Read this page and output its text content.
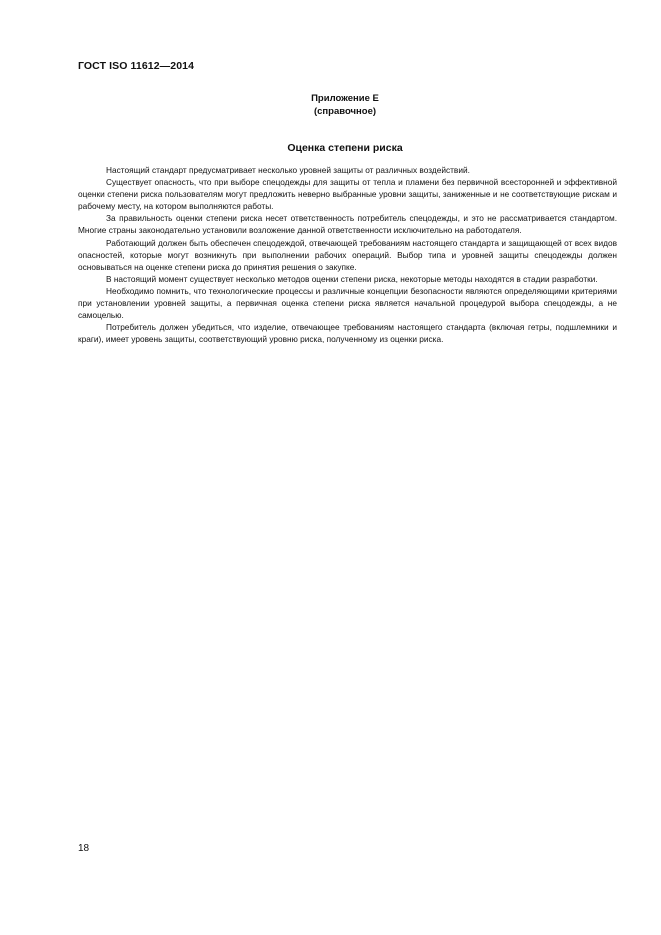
ГОСТ ISO 11612—2014
Приложение Е
(справочное)
Оценка степени риска

Настоящий стандарт предусматривает несколько уровней защиты от различных воздействий.

Существует опасность, что при выборе спецодежды для защиты от тепла и пламени без первичной всесторонней и эффективной оценки степени риска пользователям могут предложить неверно выбранные уровни защиты, заниженные и не соответствующие рискам и рабочему месту, на котором выполняются работы.

За правильность оценки степени риска несет ответственность потребитель спецодежды, и это не рассматривается стандартом. Многие страны законодательно установили возложение данной ответственности исключительно на работодателя.

Работающий должен быть обеспечен спецодеждой, отвечающей требованиям настоящего стандарта и защищающей от всех видов опасностей, которые могут возникнуть при выполнении рабочих операций. Выбор типа и уровней защиты спецодежды должен основываться на оценке степени риска до принятия решения о закупке.

В настоящий момент существует несколько методов оценки степени риска, некоторые методы находятся в стадии разработки.

Необходимо помнить, что технологические процессы и различные концепции безопасности являются определяющими критериями при установлении уровней защиты, а первичная оценка степени риска является начальной процедурой выбора спецодежды, а не самоцелью.

Потребитель должен убедиться, что изделие, отвечающее требованиям настоящего стандарта (включая гетры, подшлемники и краги), имеет уровень защиты, соответствующий уровню риска, полученному из оценки риска.

18
